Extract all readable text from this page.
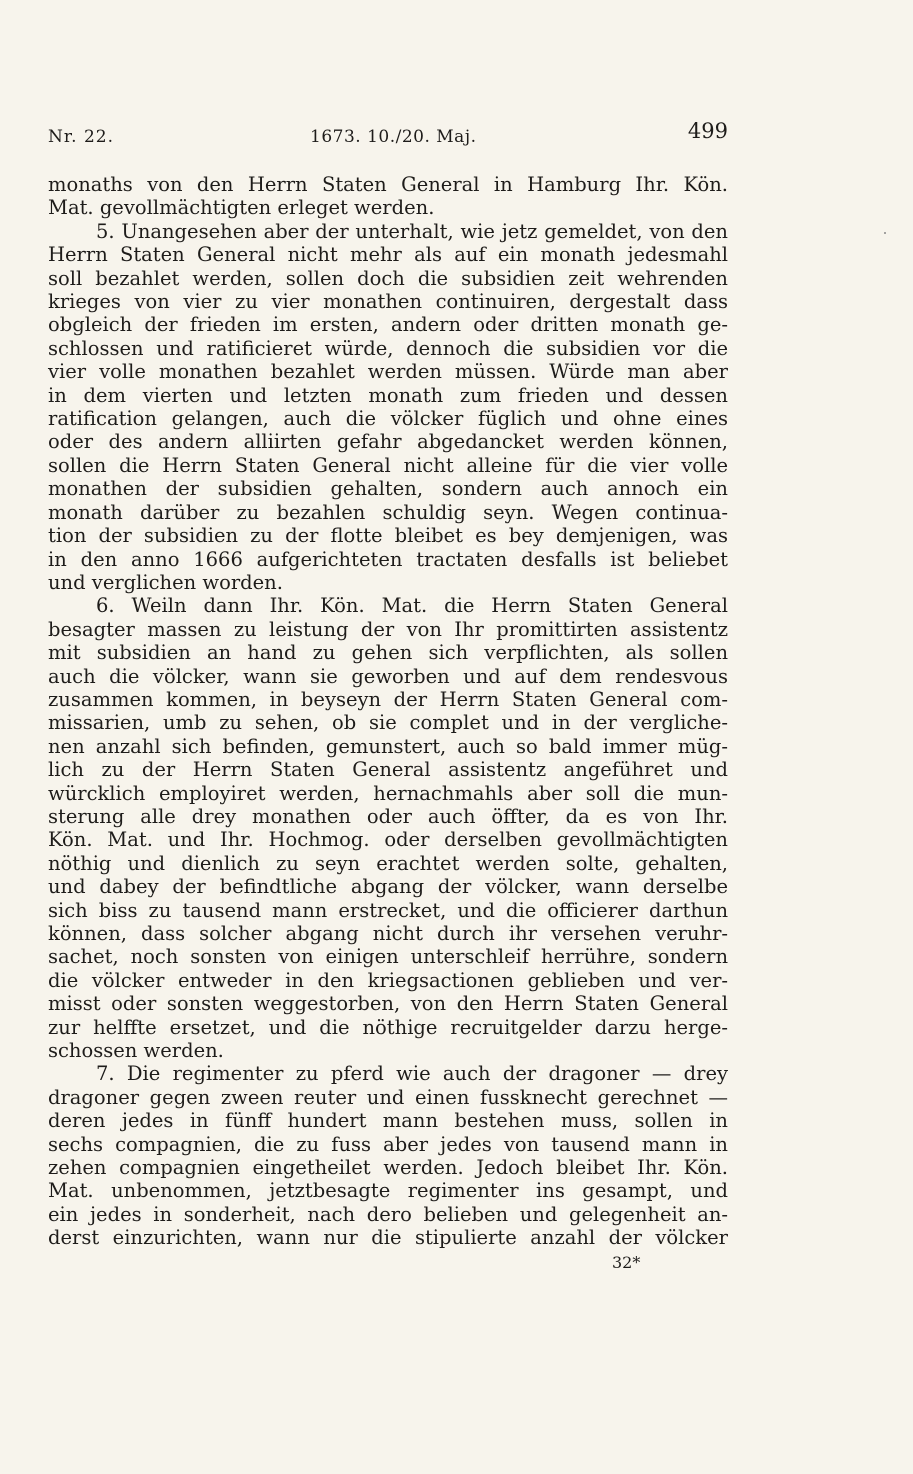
Nr. 22.	1673. 10./20. Maj.	499
monaths von den Herrn Staten General in Hamburg Ihr. Kön.
Mat. gevollmächtigten erleget werden.
5. Unangesehen aber der unterhalt, wie jetz gemeldet, von den
Herrn Staten General nicht mehr als auf ein monath jedesmahl
soll bezahlet werden, sollen doch die subsidien zeit wehrenden
krieges von vier zu vier monathen continuiren, dergestalt dass
obgleich der frieden im ersten, andern oder dritten monath ge-
schlossen und ratificieret würde, dennoch die subsidien vor die
vier volle monathen bezahlet werden müssen. Würde man aber
in dem vierten und letzten monath zum frieden und dessen
ratification gelangen, auch die völcker füglich und ohne eines
oder des andern alliirten gefahr abgedancket werden können,
sollen die Herrn Staten General nicht alleine für die vier volle
monathen der subsidien gehalten, sondern auch annoch ein
monath darüber zu bezahlen schuldig seyn. Wegen continua-
tion der subsidien zu der flotte bleibet es bey demjenigen, was
in den anno 1666 aufgerichteten tractaten desfalls ist beliebet
und verglichen worden.
6. Weiln dann Ihr. Kön. Mat. die Herrn Staten General
besagter massen zu leistung der von Ihr promittirten assistentz
mit subsidien an hand zu gehen sich verpflichten, als sollen
auch die völcker, wann sie geworben und auf dem rendesvous
zusammen kommen, in beyseyn der Herrn Staten General com-
missarien, umb zu sehen, ob sie complet und in der vergliche-
nen anzahl sich befinden, gemunstert, auch so bald immer müg-
lich zu der Herrn Staten General assistentz angeführet und
würcklich employiret werden, hernachmahls aber soll die mun-
sterung alle drey monathen oder auch öffter, da es von Ihr.
Kön. Mat. und Ihr. Hochmog. oder derselben gevollmächtigten
nöthig und dienlich zu seyn erachtet werden solte, gehalten,
und dabey der befindtliche abgang der völcker, wann derselbe
sich biss zu tausend mann erstrecket, und die officierer darthun
können, dass solcher abgang nicht durch ihr versehen veruhr-
sachet, noch sonsten von einigen unterschleif herrühre, sondern
die völcker entweder in den kriegsactionen geblieben und ver-
misst oder sonsten weggestorben, von den Herrn Staten General
zur helffte ersetzet, und die nöthige recruitgelder darzu herge-
schossen werden.
7. Die regimenter zu pferd wie auch der dragoner — drey
dragoner gegen zween reuter und einen fussknecht gerechnet —
deren jedes in fünff hundert mann bestehen muss, sollen in
sechs compagnien, die zu fuss aber jedes von tausend mann in
zehen compagnien eingetheilet werden. Jedoch bleibet Ihr. Kön.
Mat. unbenommen, jetztbesagte regimenter ins gesampt, und
ein jedes in sonderheit, nach dero belieben und gelegenheit an-
derst einzurichten, wann nur die stipulierte anzahl der völcker
32*
